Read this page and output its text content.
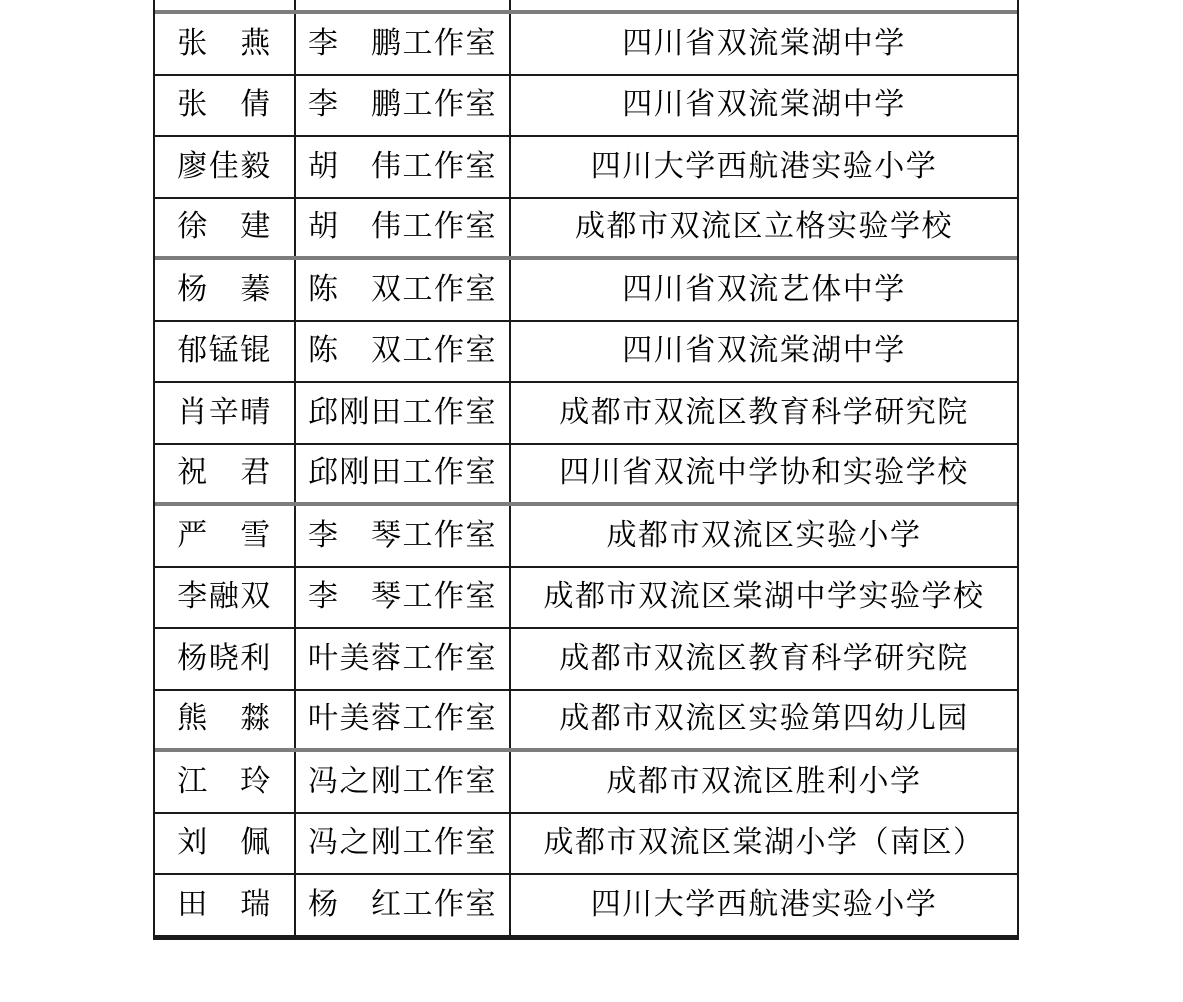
张　燕 李　鹏工作室	四川省双流棠湖中学
张　倩 李　鹏工作室	四川省双流棠湖中学
廖佳毅 胡　伟工作室	四川大学西航港实验小学
徐　建 胡　伟工作室	成都市双流区立格实验学校
杨　蓁 陈　双工作室	四川省双流艺体中学
郁锰锟 陈　双工作室	四川省双流棠湖中学
肖辛晴 邱刚田工作室 成都市双流区教育科学研究院
祝　君 邱刚田工作室 四川省双流中学协和实验学校
严　雪 李　琴工作室	成都市双流区实验小学
李融双 李　琴工作室 成都市双流区棠湖中学实验学校
杨晓利 叶美蓉工作室 成都市双流区教育科学研究院
熊　㵘 叶美蓉工作室 成都市双流区实验第四幼儿园
江　玲 冯之刚工作室	成都市双流区胜利小学
刘　佩 冯之刚工作室 成都市双流区棠湖小学（南区）
田　瑞 杨　红工作室	四川大学西航港实验小学
